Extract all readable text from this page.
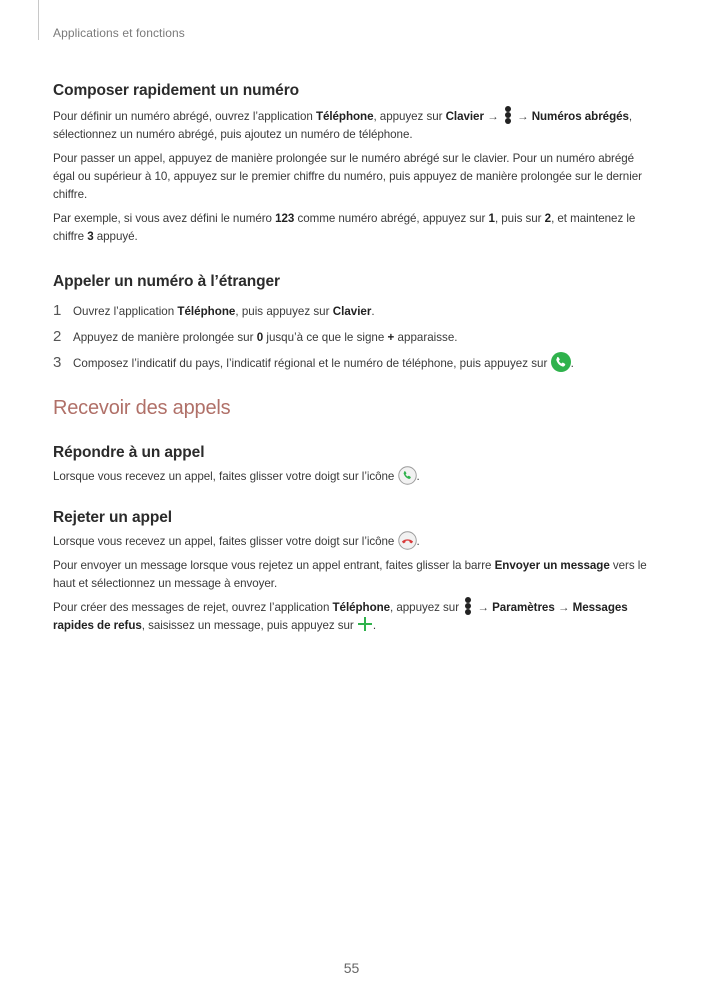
Applications et fonctions
Composer rapidement un numéro

Pour définir un numéro abrégé, ouvrez l’application Téléphone, appuyez sur Clavier →
→ Numéros abrégés, sélectionnez un numéro abrégé, puis ajoutez un numéro de téléphone.

Pour passer un appel, appuyez de manière prolongée sur le numéro abrégé sur le clavier. Pour un numéro abrégé égal ou supérieur à 10, appuyez sur le premier chiffre du numéro, puis appuyez de manière prolongée sur le dernier chiffre.

Par exemple, si vous avez défini le numéro 123 comme numéro abrégé, appuyez sur 1, puis sur 2, et maintenez le chiffre 3 appuyé.

Appeler un numéro à l’étranger
1 Ouvrez l’application Téléphone, puis appuyez sur Clavier.
2 Appuyez de manière prolongée sur 0 jusqu’à ce que le signe + apparaisse.
3 Composez l’indicatif du pays, l’indicatif régional et le numéro de téléphone, puis appuyez sur .
Recevoir des appels
Répondre à un appel

Lorsque vous recevez un appel, faites glisser votre doigt sur l’icône .

Rejeter un appel

Lorsque vous recevez un appel, faites glisser votre doigt sur l’icône .

Pour envoyer un message lorsque vous rejetez un appel entrant, faites glisser la barre Envoyer un message vers le haut et sélectionnez un message à envoyer.

Pour créer des messages de rejet, ouvrez l’application Téléphone, appuyez sur
→ Paramètres → Messages rapides de refus, saisissez un message, puis appuyez sur .

55
